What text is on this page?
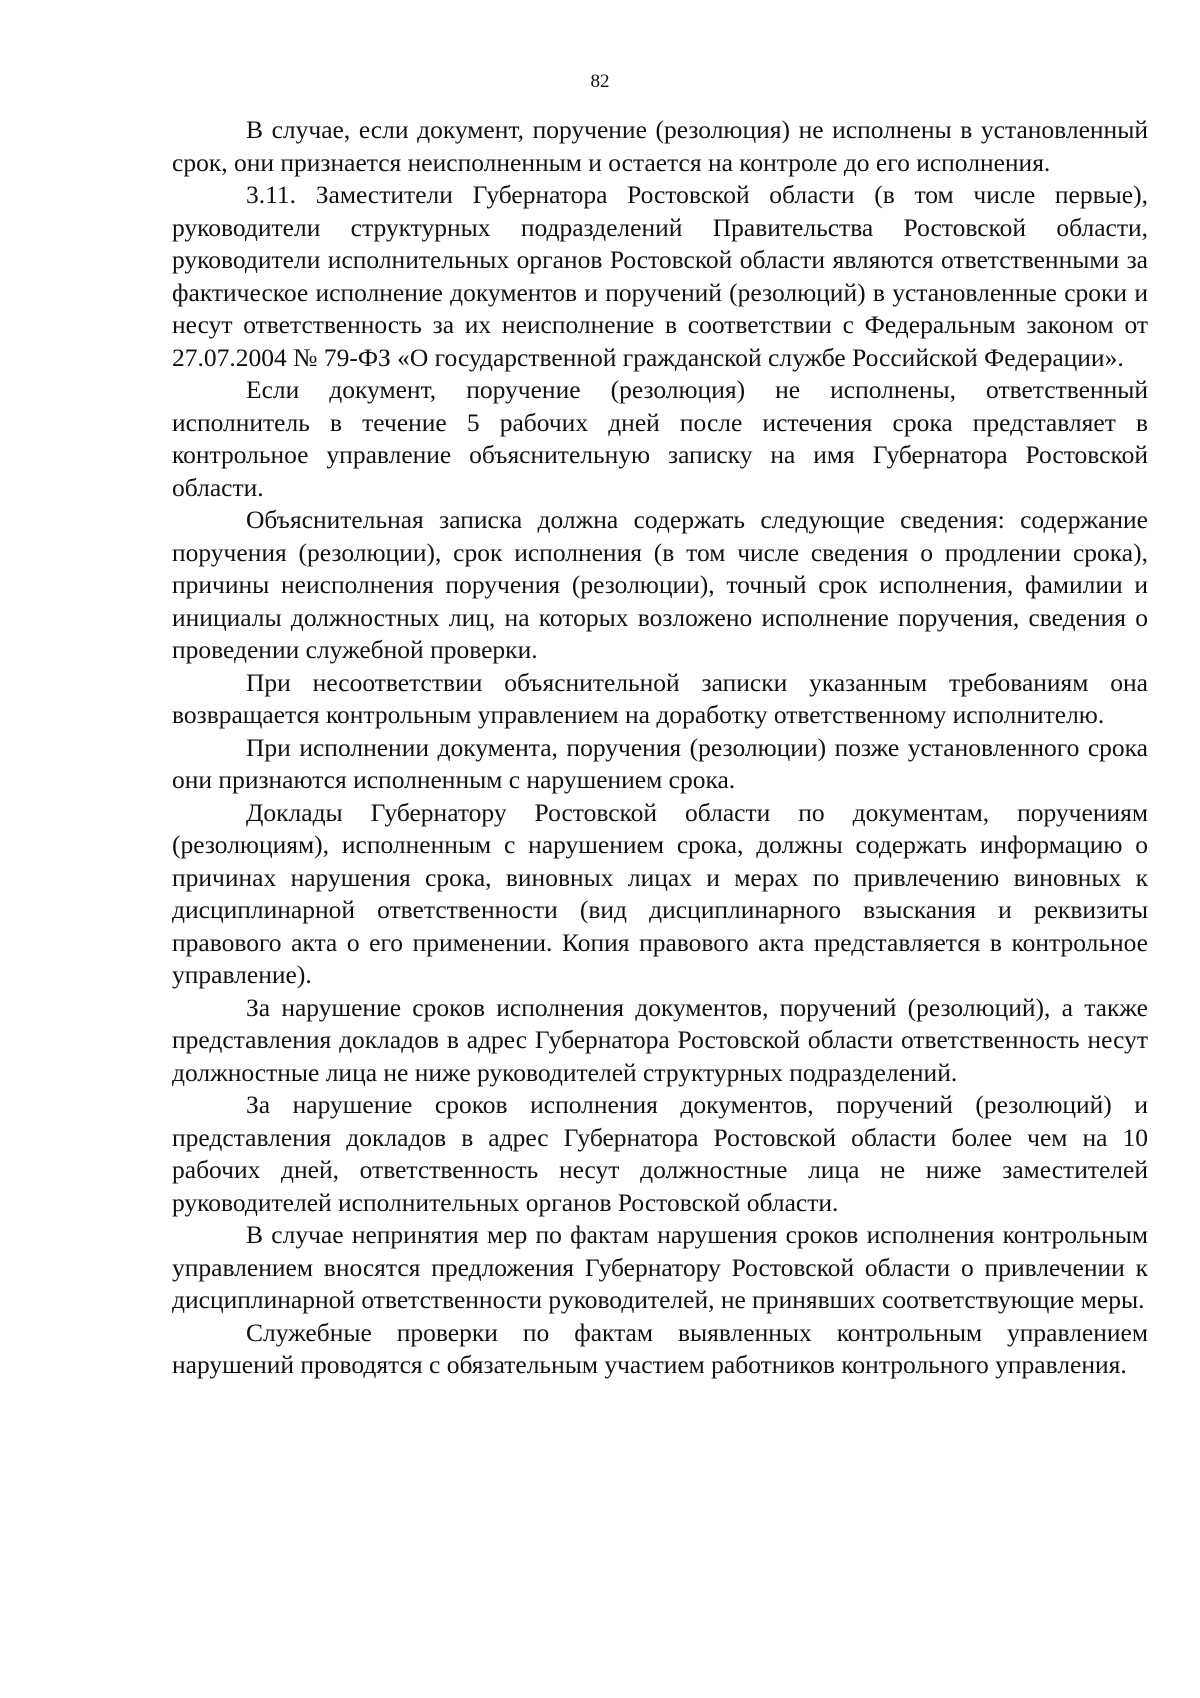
82

В случае, если документ, поручение (резолюция) не исполнены в установленный срок, они признается неисполненным и остается на контроле до его исполнения.

3.11. Заместители Губернатора Ростовской области (в том числе первые), руководители структурных подразделений Правительства Ростовской области, руководители исполнительных органов Ростовской области являются ответственными за фактическое исполнение документов и поручений (резолюций) в установленные сроки и несут ответственность за их неисполнение в соответствии с Федеральным законом от 27.07.2004 № 79-ФЗ «О государственной гражданской службе Российской Федерации».

Если документ, поручение (резолюция) не исполнены, ответственный исполнитель в течение 5 рабочих дней после истечения срока представляет в контрольное управление объяснительную записку на имя Губернатора Ростовской области.

Объяснительная записка должна содержать следующие сведения: содержание поручения (резолюции), срок исполнения (в том числе сведения о продлении срока), причины неисполнения поручения (резолюции), точный срок исполнения, фамилии и инициалы должностных лиц, на которых возложено исполнение поручения, сведения о проведении служебной проверки.

При несоответствии объяснительной записки указанным требованиям она возвращается контрольным управлением на доработку ответственному исполнителю.

При исполнении документа, поручения (резолюции) позже установленного срока они признаются исполненным с нарушением срока.

Доклады Губернатору Ростовской области по документам, поручениям (резолюциям), исполненным с нарушением срока, должны содержать информацию о причинах нарушения срока, виновных лицах и мерах по привлечению виновных к дисциплинарной ответственности (вид дисциплинарного взыскания и реквизиты правового акта о его применении. Копия правового акта представляется в контрольное управление).

За нарушение сроков исполнения документов, поручений (резолюций), а также представления докладов в адрес Губернатора Ростовской области ответственность несут должностные лица не ниже руководителей структурных подразделений.

За нарушение сроков исполнения документов, поручений (резолюций) и представления докладов в адрес Губернатора Ростовской области более чем на 10 рабочих дней, ответственность несут должностные лица не ниже заместителей руководителей исполнительных органов Ростовской области.

В случае непринятия мер по фактам нарушения сроков исполнения контрольным управлением вносятся предложения Губернатору Ростовской области о привлечении к дисциплинарной ответственности руководителей, не принявших соответствующие меры.

Служебные проверки по фактам выявленных контрольным управлением нарушений проводятся с обязательным участием работников контрольного управления.
